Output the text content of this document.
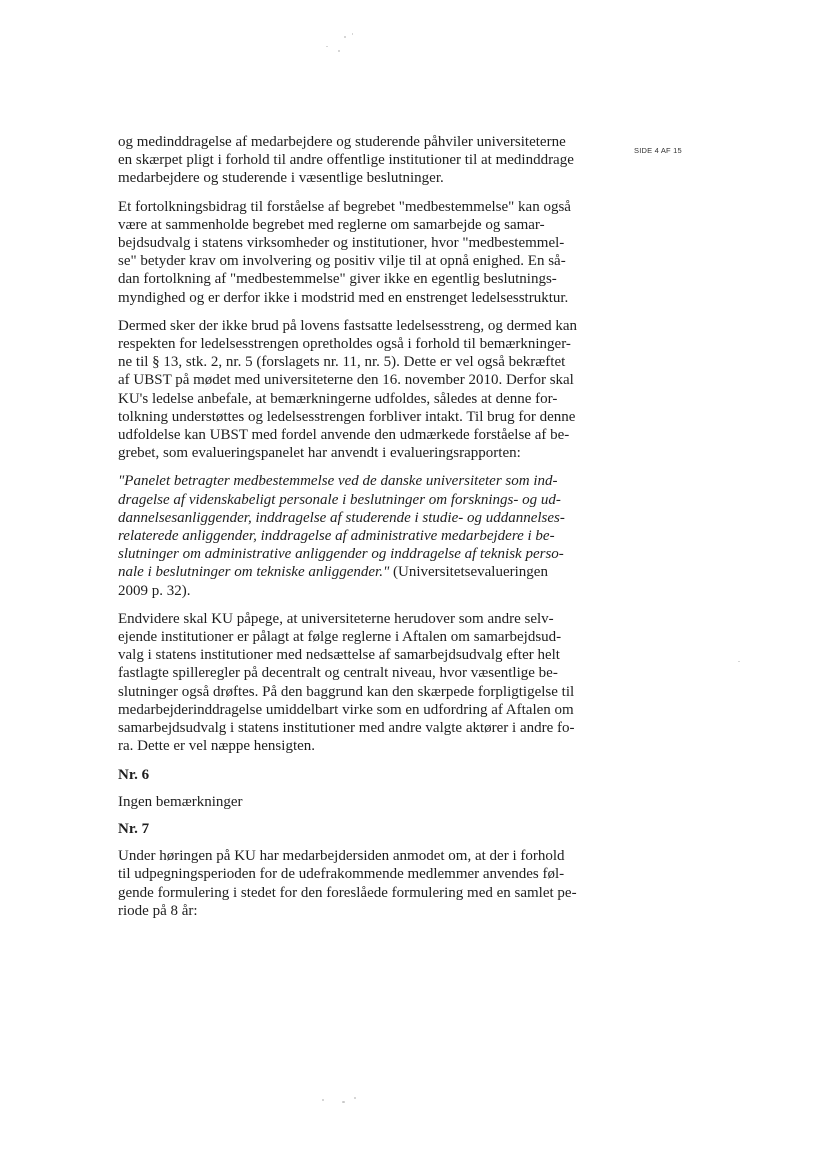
SIDE 4 AF 15

og medinddragelse af medarbejdere og studerende påhviler universiteterne
en skærpet pligt i forhold til andre offentlige institutioner til at medinddrage
medarbejdere og studerende i væsentlige beslutninger.

Et fortolkningsbidrag til forståelse af begrebet "medbestemmelse" kan også
være at sammenholde begrebet med reglerne om samarbejde og samar-
bejdsudvalg i statens virksomheder og institutioner, hvor "medbestemmel-
se" betyder krav om involvering og positiv vilje til at opnå enighed. En så-
dan fortolkning af "medbestemmelse" giver ikke en egentlig beslutnings-
myndighed og er derfor ikke i modstrid med en enstrenget ledelsesstruktur.

Dermed sker der ikke brud på lovens fastsatte ledelsesstreng, og dermed kan
respekten for ledelsesstrengen opretholdes også i forhold til bemærkninger-
ne til § 13, stk. 2, nr. 5 (forslagets nr. 11, nr. 5). Dette er vel også bekræftet
af UBST på mødet med universiteterne den 16. november 2010. Derfor skal
KU's ledelse anbefale, at bemærkningerne udfoldes, således at denne for-
tolkning understøttes og ledelsesstrengen forbliver intakt. Til brug for denne
udfoldelse kan UBST med fordel anvende den udmærkede forståelse af be-
grebet, som evalueringspanelet har anvendt i evalueringsrapporten:

"Panelet betragter medbestemmelse ved de danske universiteter som ind-
dragelse af videnskabeligt personale i beslutninger om forsknings- og ud-
dannelsesanliggender, inddragelse af studerende i studie- og uddannelses-
relaterede anliggender, inddragelse af administrative medarbejdere i be-
slutninger om administrative anliggender og inddragelse af teknisk perso-
nale i beslutninger om tekniske anliggender." (Universitetsevalueringen
2009 p. 32).

Endvidere skal KU påpege, at universiteterne herudover som andre selv-
ejende institutioner er pålagt at følge reglerne i Aftalen om samarbejdsud-
valg i statens institutioner med nedsættelse af samarbejdsudvalg efter helt
fastlagte spilleregler på decentralt og centralt niveau, hvor væsentlige be-
slutninger også drøftes. På den baggrund kan den skærpede forpligtigelse til
medarbejderinddragelse umiddelbart virke som en udfordring af Aftalen om
samarbejdsudvalg i statens institutioner med andre valgte aktører i andre fo-
ra. Dette er vel næppe hensigten.

Nr. 6

Ingen bemærkninger

Nr. 7

Under høringen på KU har medarbejdersiden anmodet om, at der i forhold
til udpegningsperioden for de udefrakommende medlemmer anvendes føl-
gende formulering i stedet for den foreslåede formulering med en samlet pe-
riode på 8 år:
